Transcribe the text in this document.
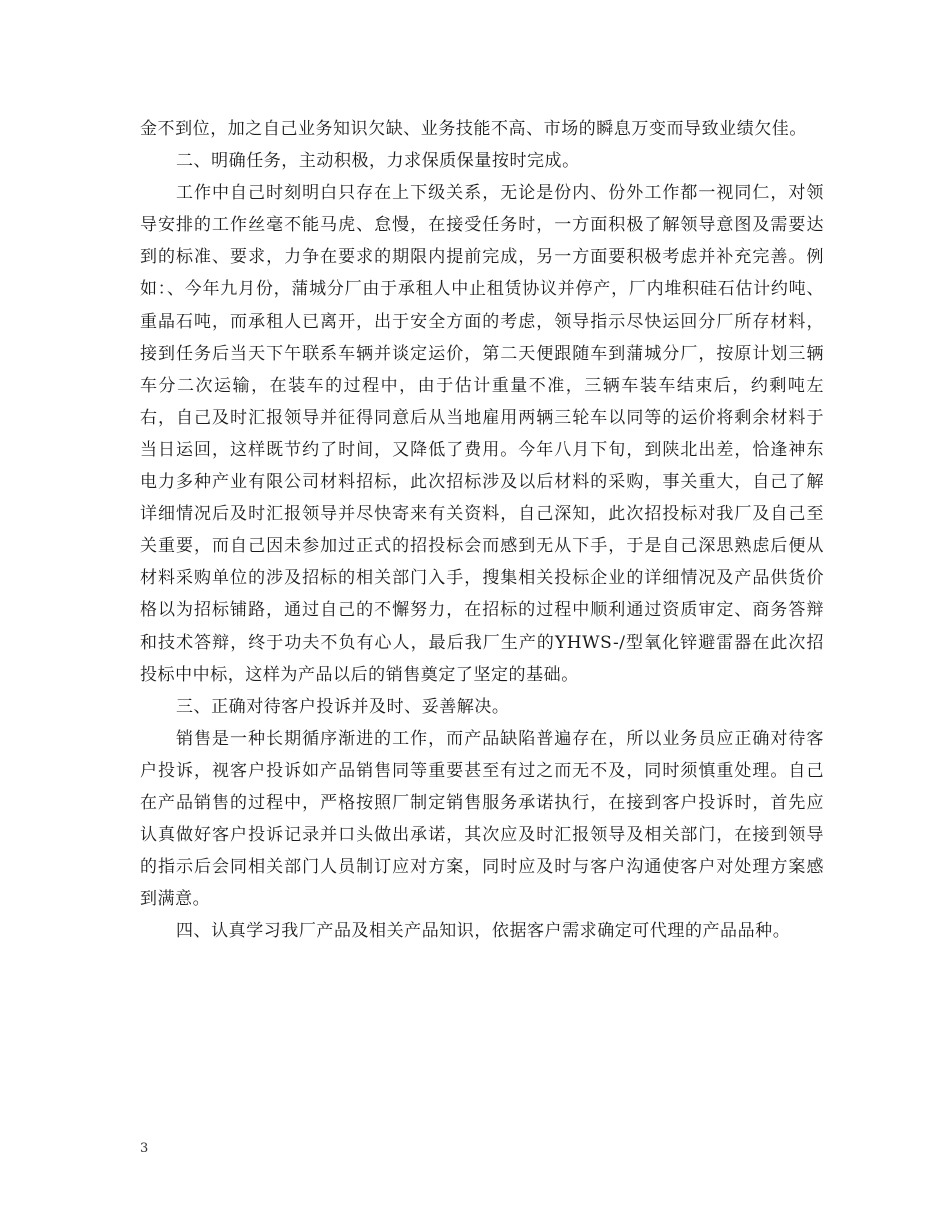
金不到位，加之自己业务知识欠缺、业务技能不高、市场的瞬息万变而导致业绩欠佳。

二、明确任务，主动积极，力求保质保量按时完成。

工作中自己时刻明白只存在上下级关系，无论是份内、份外工作都一视同仁，对领导安排的工作丝毫不能马虎、怠慢，在接受任务时，一方面积极了解领导意图及需要达到的标准、要求，力争在要求的期限内提前完成，另一方面要积极考虑并补充完善。例如：、今年九月份，蒲城分厂由于承租人中止租赁协议并停产，厂内堆积硅石估计约吨、重晶石吨，而承租人已离开，出于安全方面的考虑，领导指示尽快运回分厂所存材料，接到任务后当天下午联系车辆并谈定运价，第二天便跟随车到蒲城分厂，按原计划三辆车分二次运输，在装车的过程中，由于估计重量不准，三辆车装车结束后，约剩吨左右，自己及时汇报领导并征得同意后从当地雇用两辆三轮车以同等的运价将剩余材料于当日运回，这样既节约了时间，又降低了费用。今年八月下旬，到陕北出差，恰逢神东电力多种产业有限公司材料招标，此次招标涉及以后材料的采购，事关重大，自己了解详细情况后及时汇报领导并尽快寄来有关资料，自己深知，此次招投标对我厂及自己至关重要，而自己因未参加过正式的招投标会而感到无从下手，于是自己深思熟虑后便从材料采购单位的涉及招标的相关部门入手，搜集相关投标企业的详细情况及产品供货价格以为招标铺路，通过自己的不懈努力，在招标的过程中顺利通过资质审定、商务答辩和技术答辩，终于功夫不负有心人，最后我厂生产的YHWS-/型氧化锌避雷器在此次招投标中中标，这样为产品以后的销售奠定了坚定的基础。

三、正确对待客户投诉并及时、妥善解决。

销售是一种长期循序渐进的工作，而产品缺陷普遍存在，所以业务员应正确对待客户投诉，视客户投诉如产品销售同等重要甚至有过之而无不及，同时须慎重处理。自己在产品销售的过程中，严格按照厂制定销售服务承诺执行，在接到客户投诉时，首先应认真做好客户投诉记录并口头做出承诺，其次应及时汇报领导及相关部门，在接到领导的指示后会同相关部门人员制订应对方案，同时应及时与客户沟通使客户对处理方案感到满意。

四、认真学习我厂产品及相关产品知识，依据客户需求确定可代理的产品品种。

3
